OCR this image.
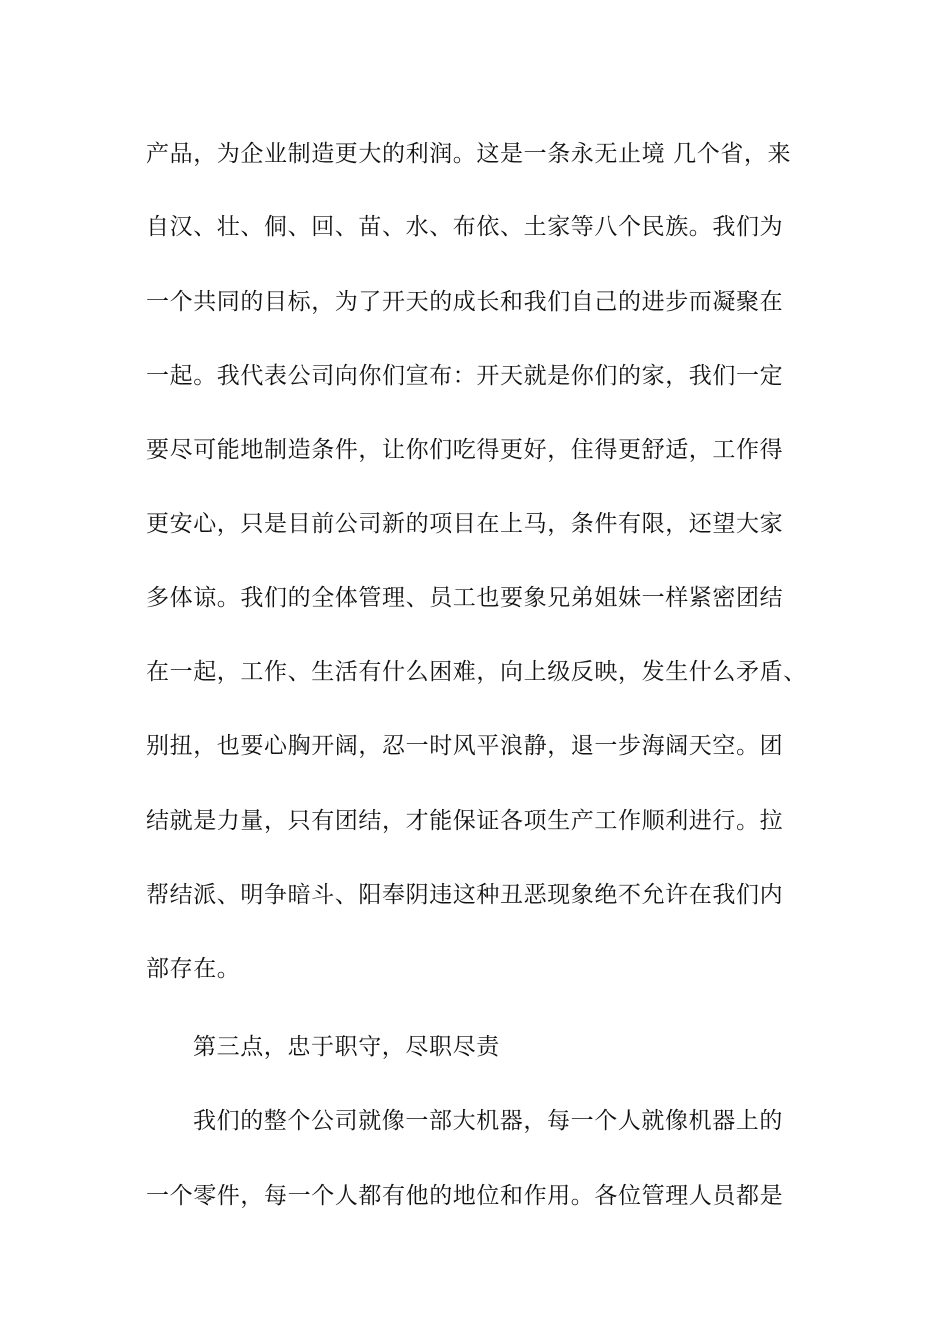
产品，为企业制造更大的利润。这是一条永无止境 几个省，来
自汉、壮、侗、回、苗、水、布依、土家等八个民族。我们为
一个共同的目标，为了开天的成长和我们自己的进步而凝聚在
一起。我代表公司向你们宣布：开天就是你们的家，我们一定
要尽可能地制造条件，让你们吃得更好，住得更舒适，工作得
更安心，只是目前公司新的项目在上马，条件有限，还望大家
多体谅。我们的全体管理、员工也要象兄弟姐妹一样紧密团结
在一起，工作、生活有什么困难，向上级反映，发生什么矛盾、
别扭，也要心胸开阔，忍一时风平浪静，退一步海阔天空。团
结就是力量，只有团结，才能保证各项生产工作顺利进行。拉
帮结派、明争暗斗、阳奉阴违这种丑恶现象绝不允许在我们内
部存在。
第三点，忠于职守，尽职尽责
我们的整个公司就像一部大机器，每一个人就像机器上的
一个零件，每一个人都有他的地位和作用。各位管理人员都是
